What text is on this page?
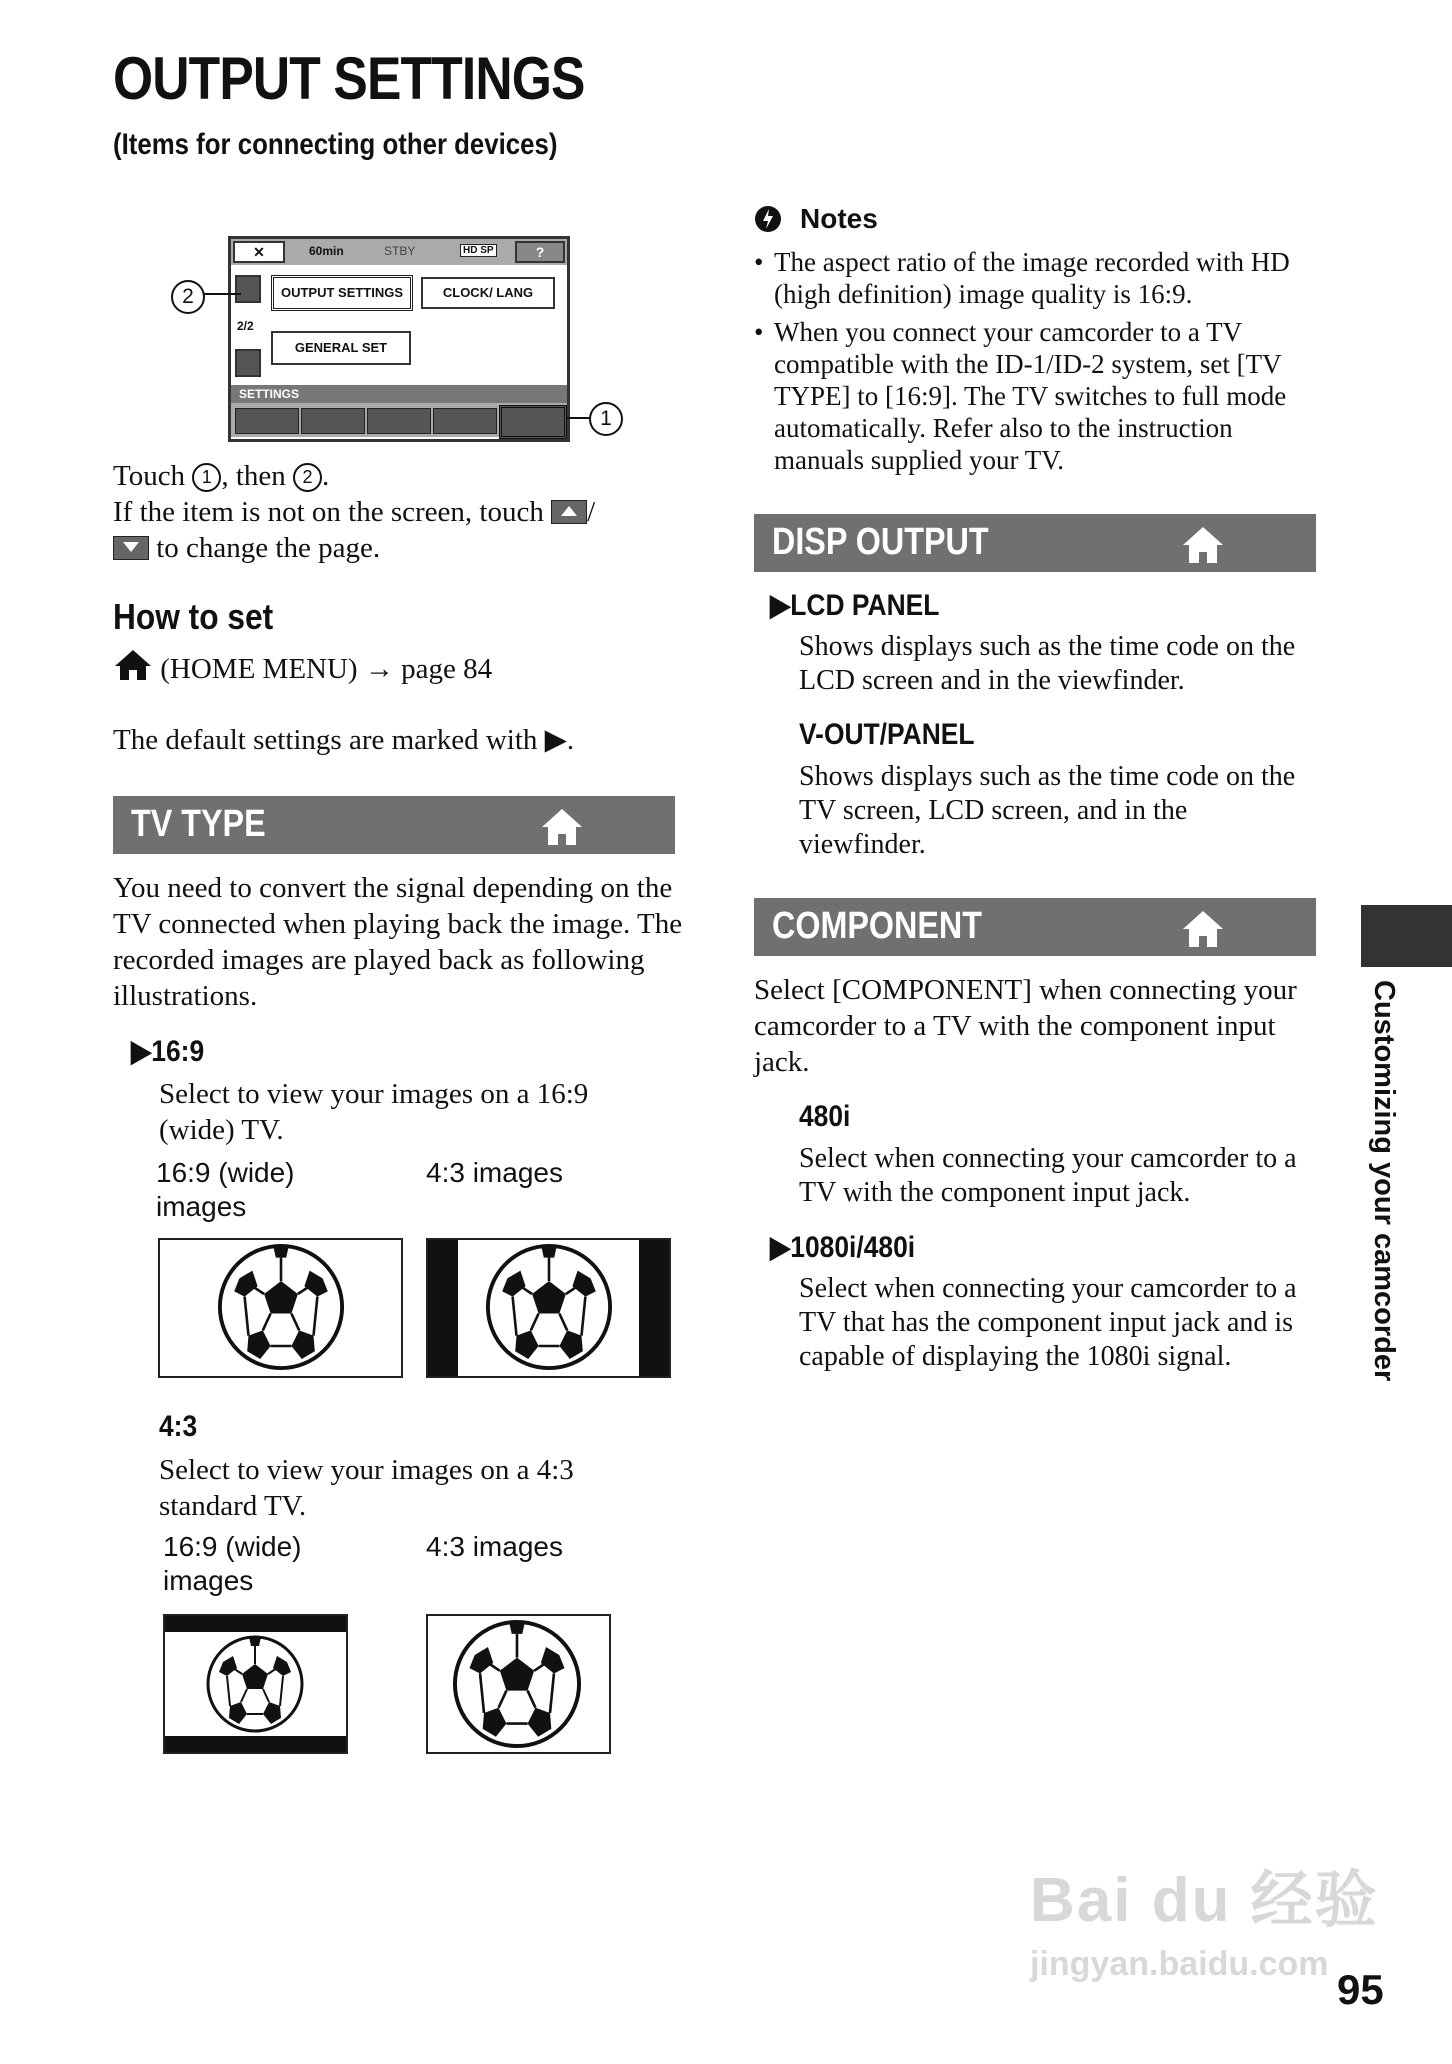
OUTPUT SETTINGS
(Items for connecting other devices)
✕	60min	STBY	HD SP	?
OUTPUT SETTINGS	CLOCK/ LANG
2/2
GENERAL SET
SETTINGS
2
1
Touch 1 , then 2 .
If the item is not on the screen, touch /
to change the page.
How to set
(HOME MENU) → page 84
The default settings are marked with ▶.
TV TYPE
You need to convert the signal depending on the TV connected when playing back the image. The recorded images are played back as following illustrations.
▶16:9
Select to view your images on a 16:9 (wide) TV.
16:9 (wide) images
4:3 images
4:3
Select to view your images on a 4:3 standard TV.
16:9 (wide) images
4:3 images
Notes
• The aspect ratio of the image recorded with HD (high definition) image quality is 16:9.
• When you connect your camcorder to a TV compatible with the ID-1/ID-2 system, set [TV TYPE] to [16:9]. The TV switches to full mode automatically. Refer also to the instruction manuals supplied your TV.
DISP OUTPUT
▶LCD PANEL
Shows displays such as the time code on the LCD screen and in the viewfinder.
V-OUT/PANEL
Shows displays such as the time code on the TV screen, LCD screen, and in the viewfinder.
COMPONENT
Select [COMPONENT] when connecting your camcorder to a TV with the component input jack.
480i
Select when connecting your camcorder to a TV with the component input jack.
▶1080i/480i
Select when connecting your camcorder to a TV that has the component input jack and is capable of displaying the 1080i signal.	Customizing your camcorder
Bai du 经验
jingyan.baidu.com
95
